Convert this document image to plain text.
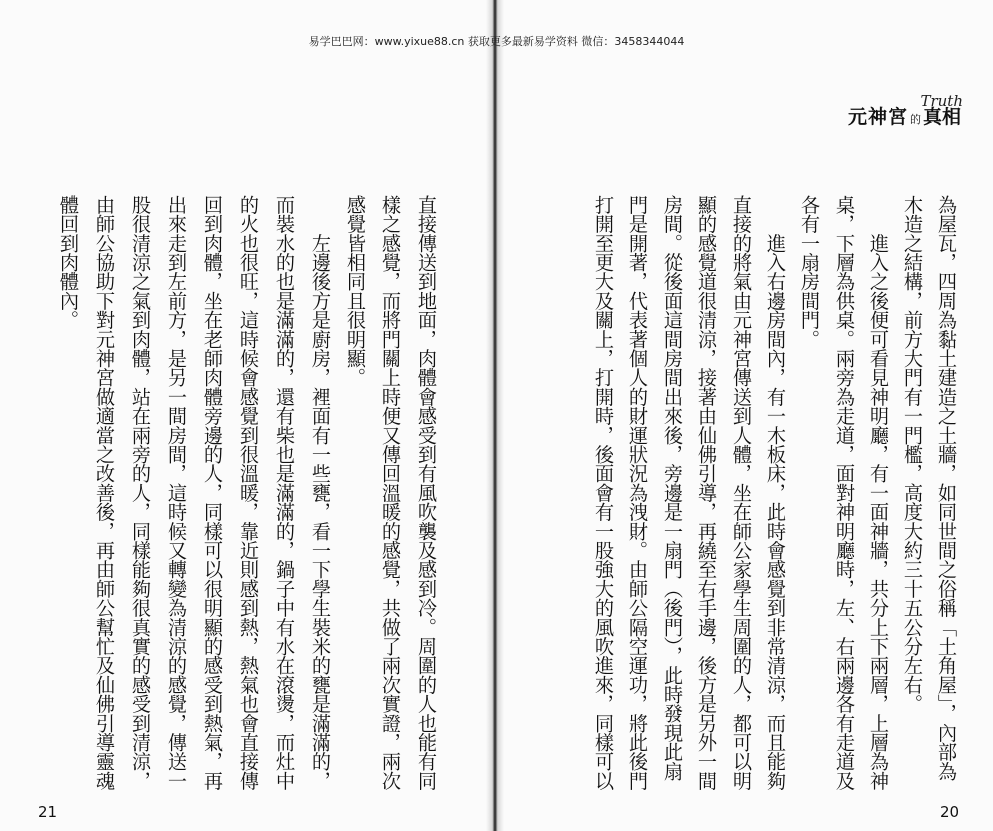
易学巴巴网：www.yixue88.cn 获取更多最新易学资料 微信：3458344044
Truth
元神宮 的 真相
為屋瓦，四周為黏土建造之土牆，如同世間之俗稱「土角屋」，內部為
木造之結構，前方大門有一門檻，高度大約三十五公分左右。
　　進入之後便可看見神明廳，有一面神牆，共分上下兩層，上層為神
桌，下層為供桌。兩旁為走道，面對神明廳時，左、右兩邊各有走道及
各有一扇房間門。
　　進入右邊房間內，有一木板床，此時會感覺到非常清涼，而且能夠
直接的將氣由元神宮傳送到人體，坐在師公家學生周圍的人，都可以明
顯的感覺道很清涼，接著由仙佛引導，再繞至右手邊，後方是另外一間
房間。從後面這間房間出來後，旁邊是一扇門（後門），此時發現此扇
門是開著，代表著個人的財運狀況為洩財。由師公隔空運功，將此後門
打開至更大及關上，打開時，後面會有一股強大的風吹進來，同樣可以
直接傳送到地面，肉體會感受到有風吹襲及感到冷。周圍的人也能有同
樣之感覺，而將門關上時便又傳回溫暖的感覺，共做了兩次實證，兩次
感覺皆相同且很明顯。
　　左邊後方是廚房，裡面有一些甕，看一下學生裝米的甕是滿滿的，
而裝水的也是滿滿的，還有柴也是滿滿的，鍋子中有水在滾燙，而灶中
的火也很旺，這時候會感覺到很溫暖，靠近則感到熱，熱氣也會直接傳
回到肉體，坐在老師肉體旁邊的人，同樣可以很明顯的感受到熱氣，再
出來走到左前方，是另一間房間，這時候又轉變為清涼的感覺，傳送一
股很清涼之氣到肉體，站在兩旁的人，同樣能夠很真實的感受到清涼，
由師公協助下對元神宮做適當之改善後，再由師公幫忙及仙佛引導靈魂
體回到肉體內。
21	20
